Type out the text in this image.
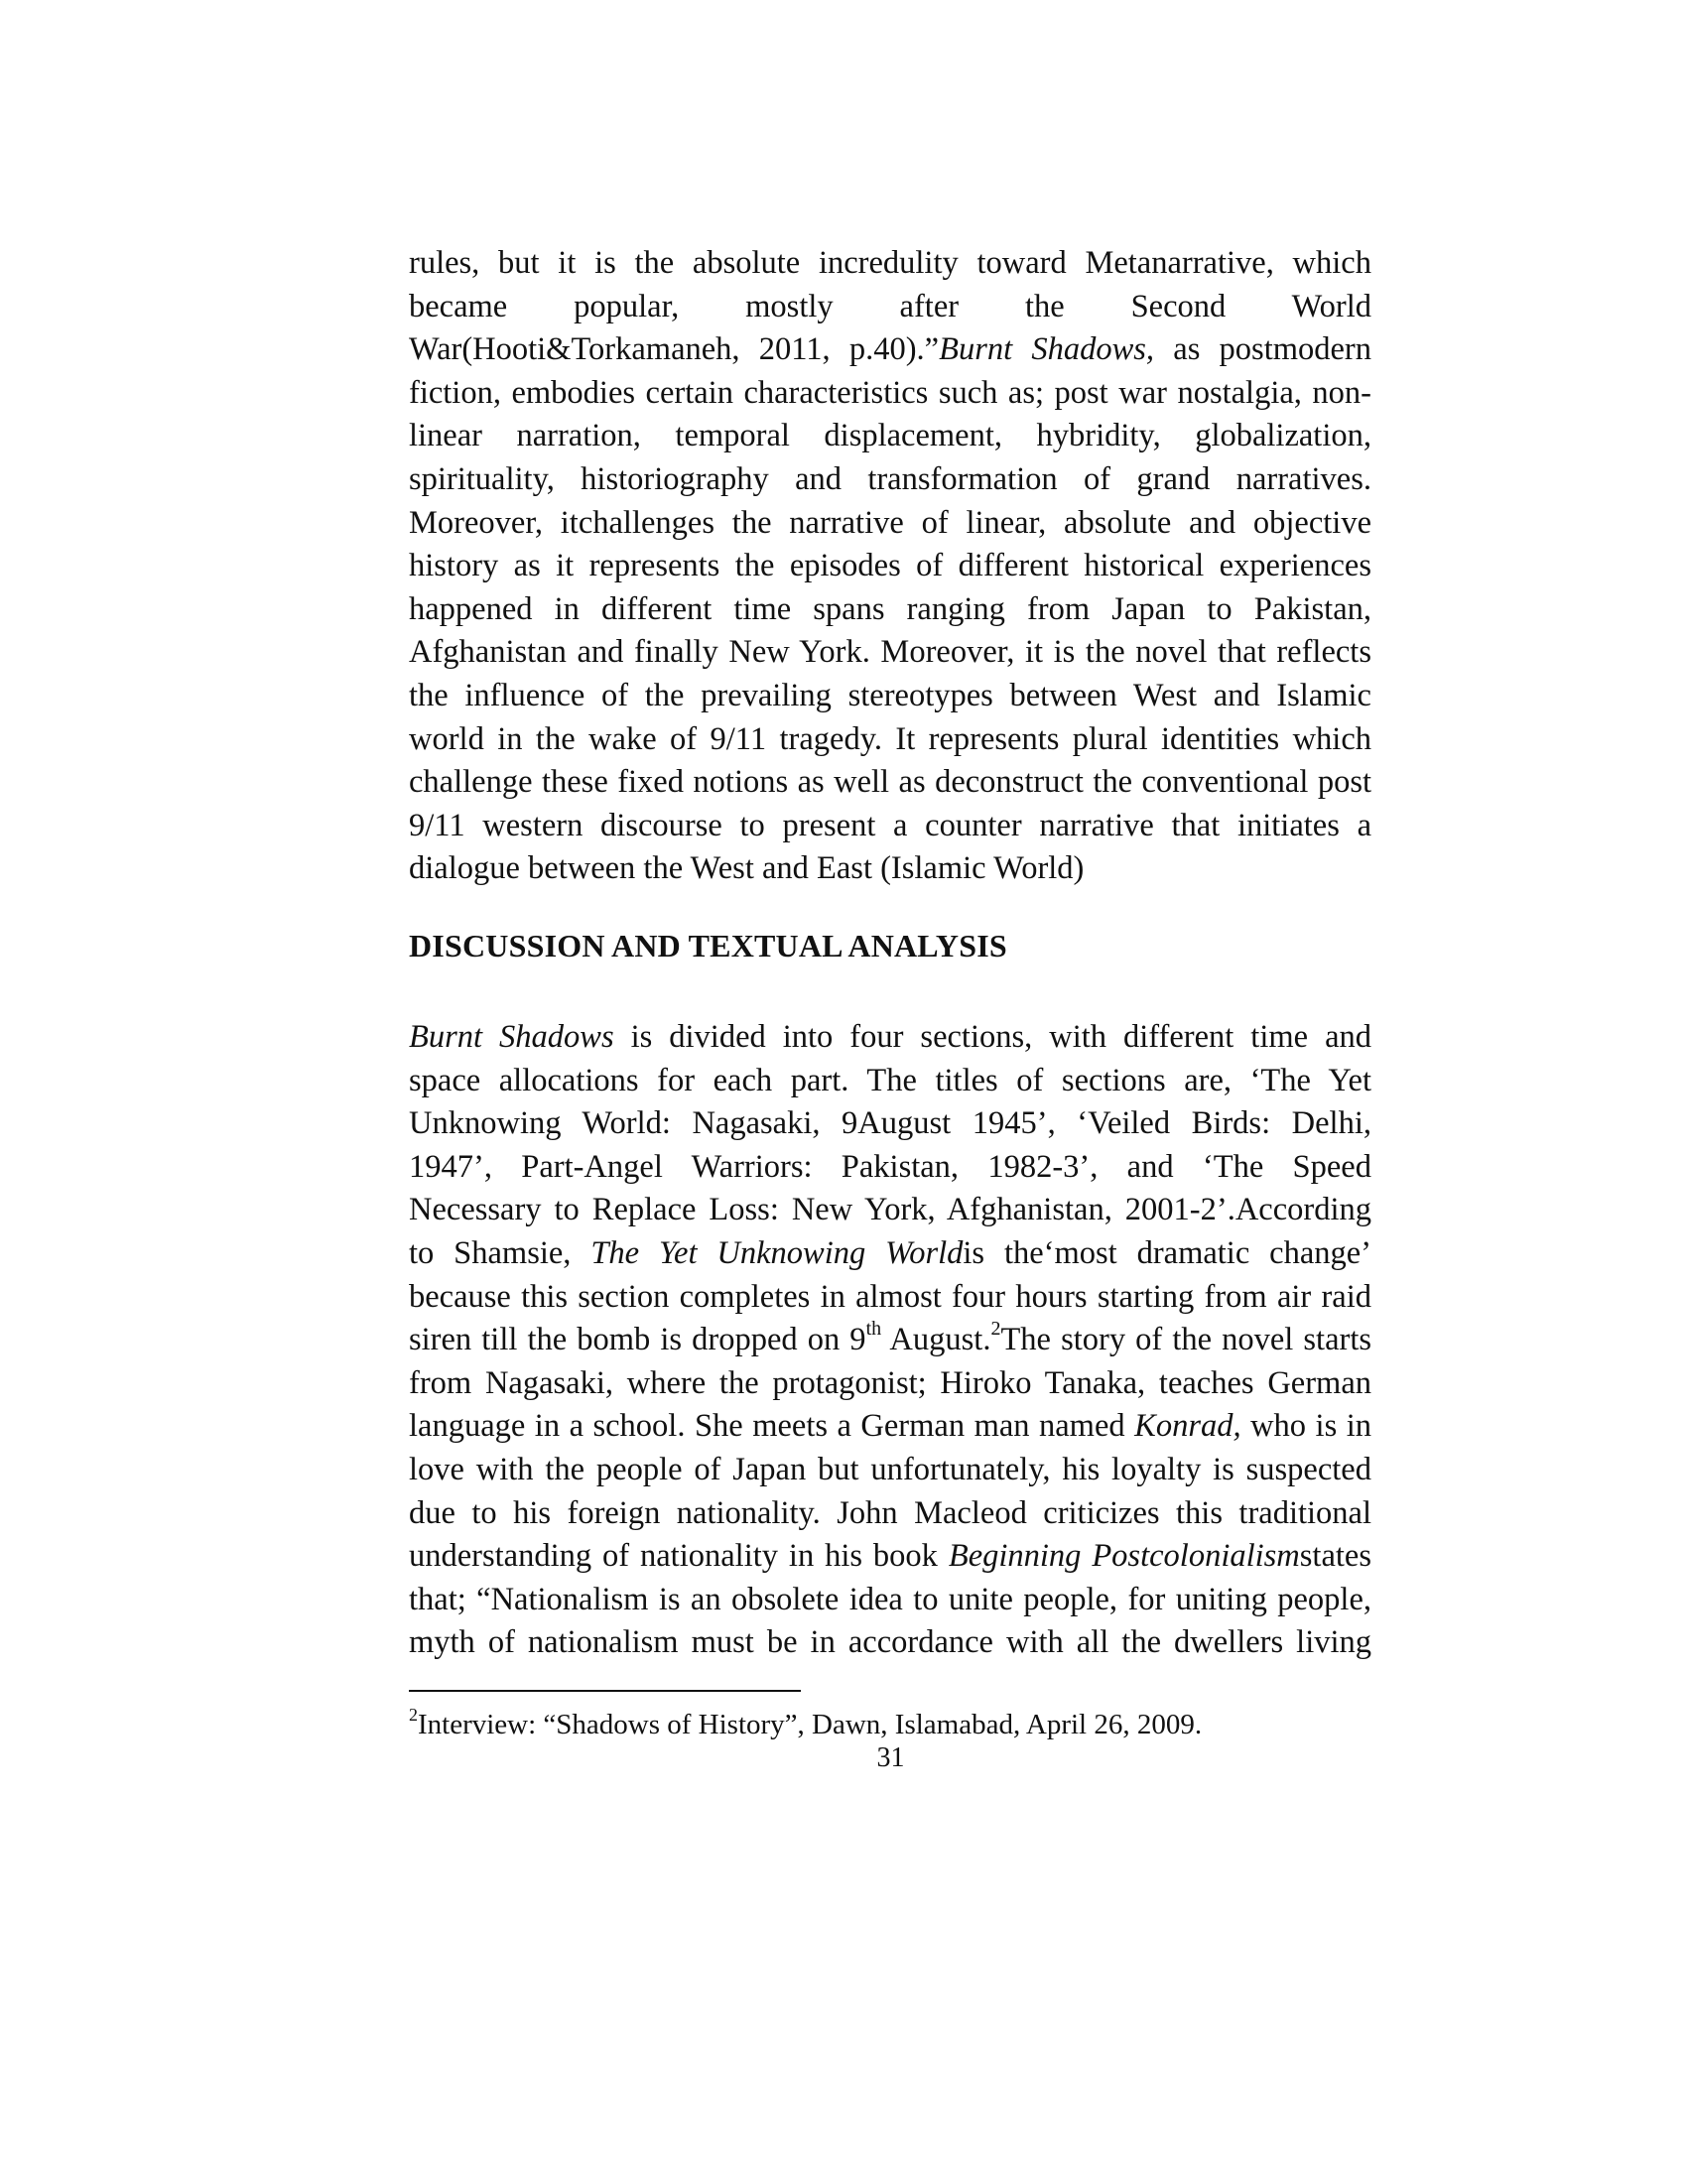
rules, but it is the absolute incredulity toward Metanarrative, which
became popular, mostly after the Second World
War(Hooti&Torkamaneh, 2011, p.40).”Burnt Shadows, as postmodern
fiction, embodies certain characteristics such as; post war nostalgia, non-
linear narration, temporal displacement, hybridity, globalization,
spirituality, historiography and transformation of grand narratives.
Moreover, itchallenges the narrative of linear, absolute and objective
history as it represents the episodes of different historical experiences
happened in different time spans ranging from Japan to Pakistan,
Afghanistan and finally New York. Moreover, it is the novel that reflects
the influence of the prevailing stereotypes between West and Islamic
world in the wake of 9/11 tragedy. It represents plural identities which
challenge these fixed notions as well as deconstruct the conventional post
9/11 western discourse to present a counter narrative that initiates a
dialogue between the West and East (Islamic World)
DISCUSSION AND TEXTUAL ANALYSIS
Burnt Shadows is divided into four sections, with different time and
space allocations for each part. The titles of sections are, ‘The Yet
Unknowing World: Nagasaki, 9August 1945’, ‘Veiled Birds: Delhi,
1947’, Part-Angel Warriors: Pakistan, 1982-3’, and ‘The Speed
Necessary to Replace Loss: New York, Afghanistan, 2001-2’.According
to Shamsie, The Yet Unknowing Worldis the‘most dramatic change’
because this section completes in almost four hours starting from air raid
siren till the bomb is dropped on 9th August.$^2$The story of the novel starts
from Nagasaki, where the protagonist; Hiroko Tanaka, teaches German
language in a school. She meets a German man named Konrad, who is in
love with the people of Japan but unfortunately, his loyalty is suspected
due to his foreign nationality. John Macleod criticizes this traditional
understanding of nationality in his book Beginning Postcolonialismstates
that; “Nationalism is an obsolete idea to unite people, for uniting people,
myth of nationalism must be in accordance with all the dwellers living
$^2$Interview: “Shadows of History”, Dawn, Islamabad, April 26, 2009.
31
